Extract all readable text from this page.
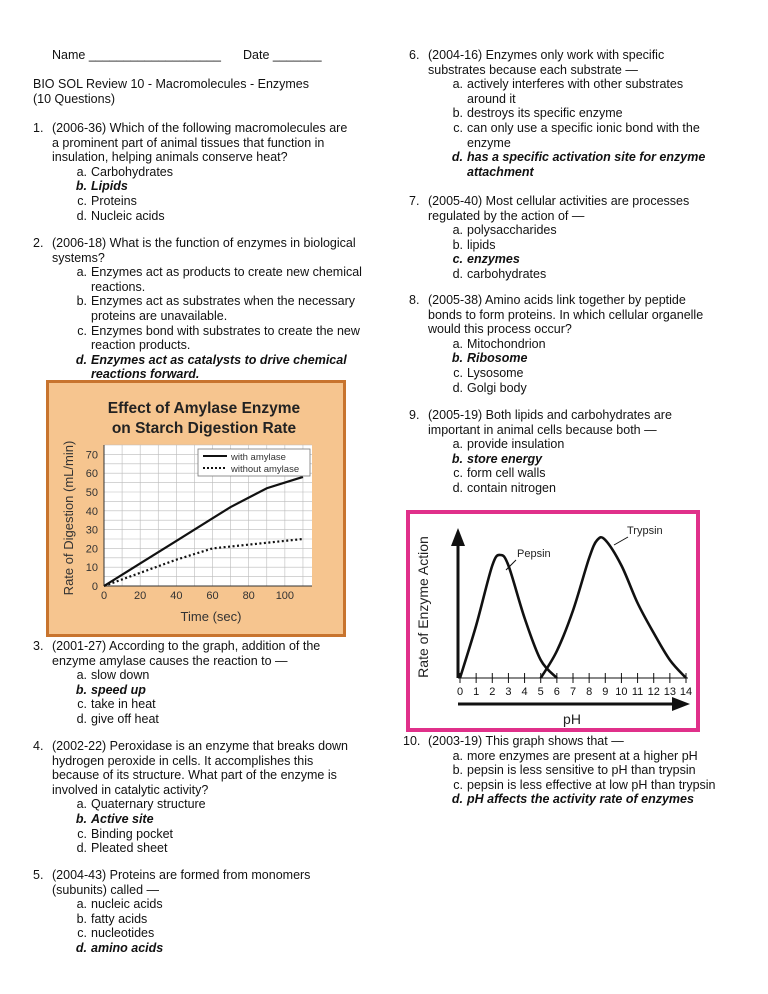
Name ___________________ Date _______
BIO SOL Review 10 - Macromolecules - Enzymes
(10 Questions)
1. (2006-36) Which of the following macromolecules are a prominent part of animal tissues that function in insulation, helping animals conserve heat?
a. Carbohydrates
b. Lipids
c. Proteins
d. Nucleic acids
2. (2006-18) What is the function of enzymes in biological systems?
a. Enzymes act as products to create new chemical reactions.
b. Enzymes act as substrates when the necessary proteins are unavailable.
c. Enzymes bond with substrates to create the new reaction products.
d. Enzymes act as catalysts to drive chemical reactions forward.
Effect of Amylase Enzyme
on Starch Digestion Rate
0 20 40 60 80 100
0
10
20
30
40
50
60
70
Rate of Digestion (mL/min)
Time (sec)
with amylase
without amylase
3. (2001-27) According to the graph, addition of the enzyme amylase causes the reaction to —
a. slow down
b. speed up
c. take in heat
d. give off heat
4. (2002-22) Peroxidase is an enzyme that breaks down hydrogen peroxide in cells. It accomplishes this because of its structure. What part of the enzyme is involved in catalytic activity?
a. Quaternary structure
b. Active site
c. Binding pocket
d. Pleated sheet
5. (2004-43) Proteins are formed from monomers (subunits) called —
a. nucleic acids
b. fatty acids
c. nucleotides
d. amino acids
6. (2004-16) Enzymes only work with specific substrates because each substrate —
a. actively interferes with other substrates around it
b. destroys its specific enzyme
c. can only use a specific ionic bond with the enzyme
d. has a specific activation site for enzyme attachment
7. (2005-40) Most cellular activities are processes regulated by the action of —
a. polysaccharides
b. lipids
c. enzymes
d. carbohydrates
8. (2005-38) Amino acids link together by peptide bonds to form proteins. In which cellular organelle would this process occur?
a. Mitochondrion
b. Ribosome
c. Lysosome
d. Golgi body
9. (2005-19) Both lipids and carbohydrates are important in animal cells because both —
a. provide insulation
b. store energy
c. form cell walls
d. contain nitrogen
Rate of Enzyme Action
pH
0 1 2 3 4 5 6 7 8 9 10 11 12 13 14
Pepsin
Trypsin
10. (2003-19) This graph shows that —
a. more enzymes are present at a higher pH
b. pepsin is less sensitive to pH than trypsin
c. pepsin is less effective at low pH than trypsin
d. pH affects the activity rate of enzymes
